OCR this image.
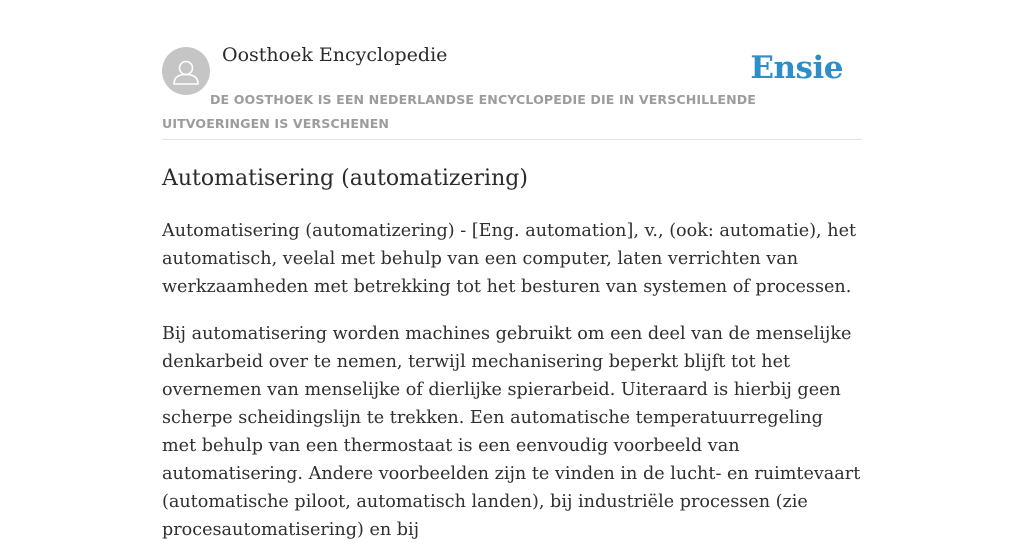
Oosthoek Encyclopedie	Ensie
DE OOSTHOEK IS EEN NEDERLANDSE ENCYCLOPEDIE DIE IN VERSCHILLENDE UITVOERINGEN IS VERSCHENEN
Automatisering (automatizering)

Automatisering (automatizering) - [Eng. automation], v., (ook: automatie), het automatisch, veelal met behulp van een computer, laten verrichten van werkzaamheden met betrekking tot het besturen van systemen of processen.

Bij automatisering worden machines gebruikt om een deel van de menselijke denkarbeid over te nemen, terwijl mechanisering beperkt blijft tot het overnemen van menselijke of dierlijke spierarbeid. Uiteraard is hierbij geen scherpe scheidingslijn te trekken. Een automatische temperatuurregeling met behulp van een thermostaat is een eenvoudig voorbeeld van automatisering. Andere voorbeelden zijn te vinden in de lucht- en ruimtevaart (automatische piloot, automatisch landen), bij industriële processen (zie procesautomatisering) en bij
